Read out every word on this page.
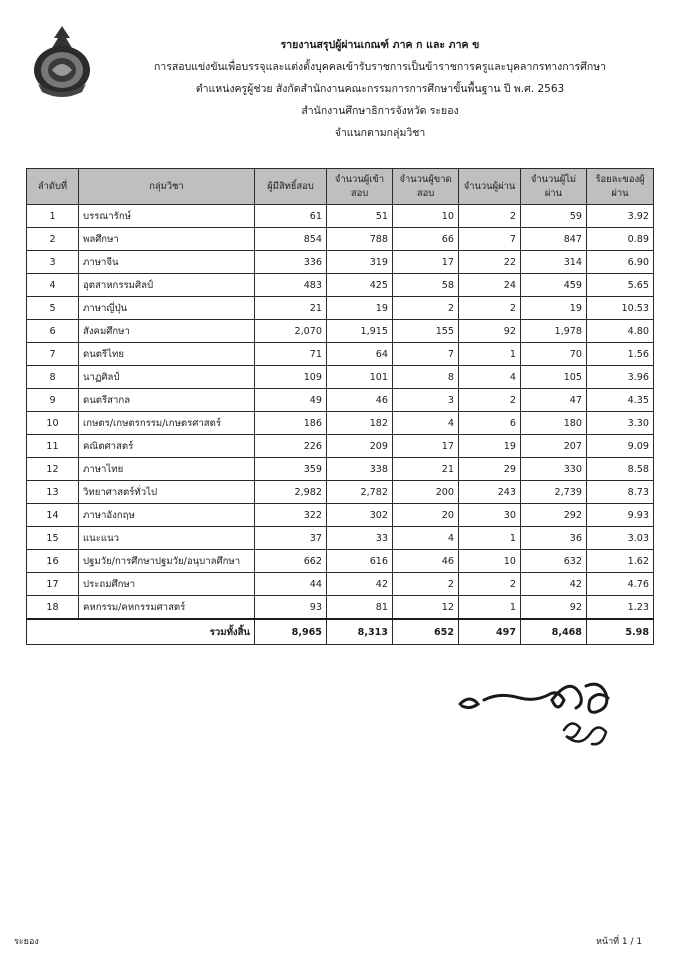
รายงานสรุปผู้ผ่านเกณฑ์ ภาค ก และ ภาค ข
การสอบแข่งขันเพื่อบรรจุและแต่งตั้งบุคคลเข้ารับราชการเป็นข้าราชการครูและบุคลากรทางการศึกษา
ตำแหน่งครูผู้ช่วย สังกัดสำนักงานคณะกรรมการการศึกษาขั้นพื้นฐาน ปี พ.ศ. 2563
สำนักงานศึกษาธิการจังหวัด ระยอง
จำแนกตามกลุ่มวิชา
ลำดับที่	กลุ่มวิชา	ผู้มีสิทธิ์สอบ	จำนวนผู้เข้าสอบ	จำนวนผู้ขาดสอบ	จำนวนผู้ผ่าน	จำนวนผู้ไม่ผ่าน	ร้อยละของผู้ผ่าน
1	บรรณารักษ์	61	51	10	2	59	3.92
2	พลศึกษา	854	788	66	7	847	0.89
3	ภาษาจีน	336	319	17	22	314	6.90
4	อุตสาหกรรมศิลป์	483	425	58	24	459	5.65
5	ภาษาญี่ปุ่น	21	19	2	2	19	10.53
6	สังคมศึกษา	2,070	1,915	155	92	1,978	4.80
7	ดนตรีไทย	71	64	7	1	70	1.56
8	นาฏศิลป์	109	101	8	4	105	3.96
9	ดนตรีสากล	49	46	3	2	47	4.35
10	เกษตร/เกษตรกรรม/เกษตรศาสตร์	186	182	4	6	180	3.30
11	คณิตศาสตร์	226	209	17	19	207	9.09
12	ภาษาไทย	359	338	21	29	330	8.58
13	วิทยาศาสตร์ทั่วไป	2,982	2,782	200	243	2,739	8.73
14	ภาษาอังกฤษ	322	302	20	30	292	9.93
15	แนะแนว	37	33	4	1	36	3.03
16	ปฐมวัย/การศึกษาปฐมวัย/อนุบาลศึกษา	662	616	46	10	632	1.62
17	ประถมศึกษา	44	42	2	2	42	4.76
18	คหกรรม/คหกรรมศาสตร์	93	81	12	1	92	1.23
รวมทั้งสิ้น		8,965	8,313	652	497	8,468	5.98
ระยอง	หน้าที่ 1 / 1
